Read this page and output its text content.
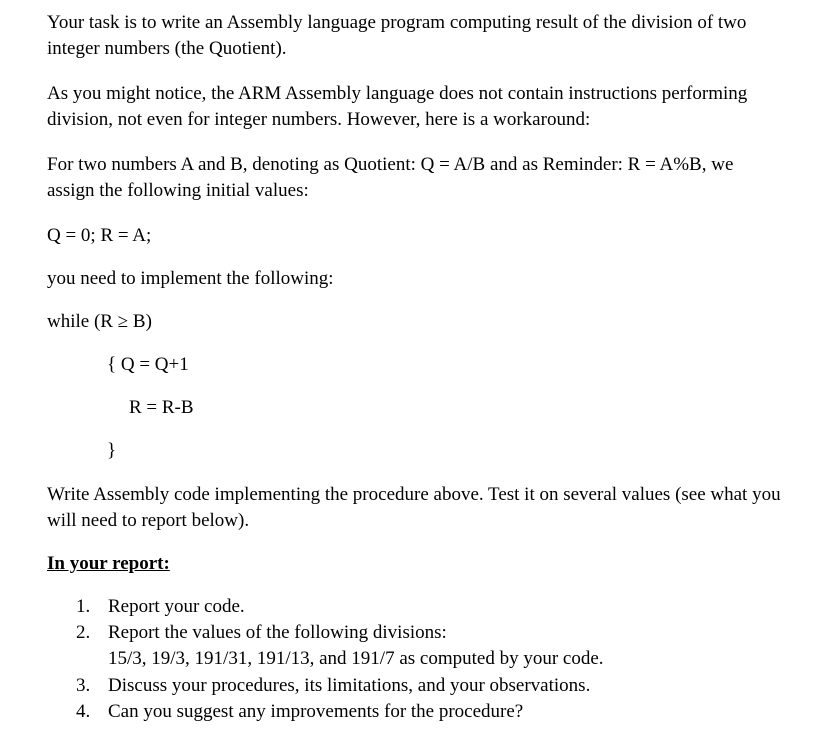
Your task is to write an Assembly language program computing result of the division of two
integer numbers (the Quotient).
As you might notice, the ARM Assembly language does not contain instructions performing
division, not even for integer numbers. However, here is a workaround:
For two numbers A and B, denoting as Quotient: Q = A/B and as Reminder: R = A%B, we
assign the following initial values:
Q = 0; R = A;
you need to implement the following:
while (R ≥ B)
{ Q = Q+1
R = R-B
}
Write Assembly code implementing the procedure above. Test it on several values (see what you
will need to report below).
In your report:
1. Report your code.
2. Report the values of the following divisions:
15/3, 19/3, 191/31, 191/13, and 191/7 as computed by your code.
3. Discuss your procedures, its limitations, and your observations.
4. Can you suggest any improvements for the procedure?
